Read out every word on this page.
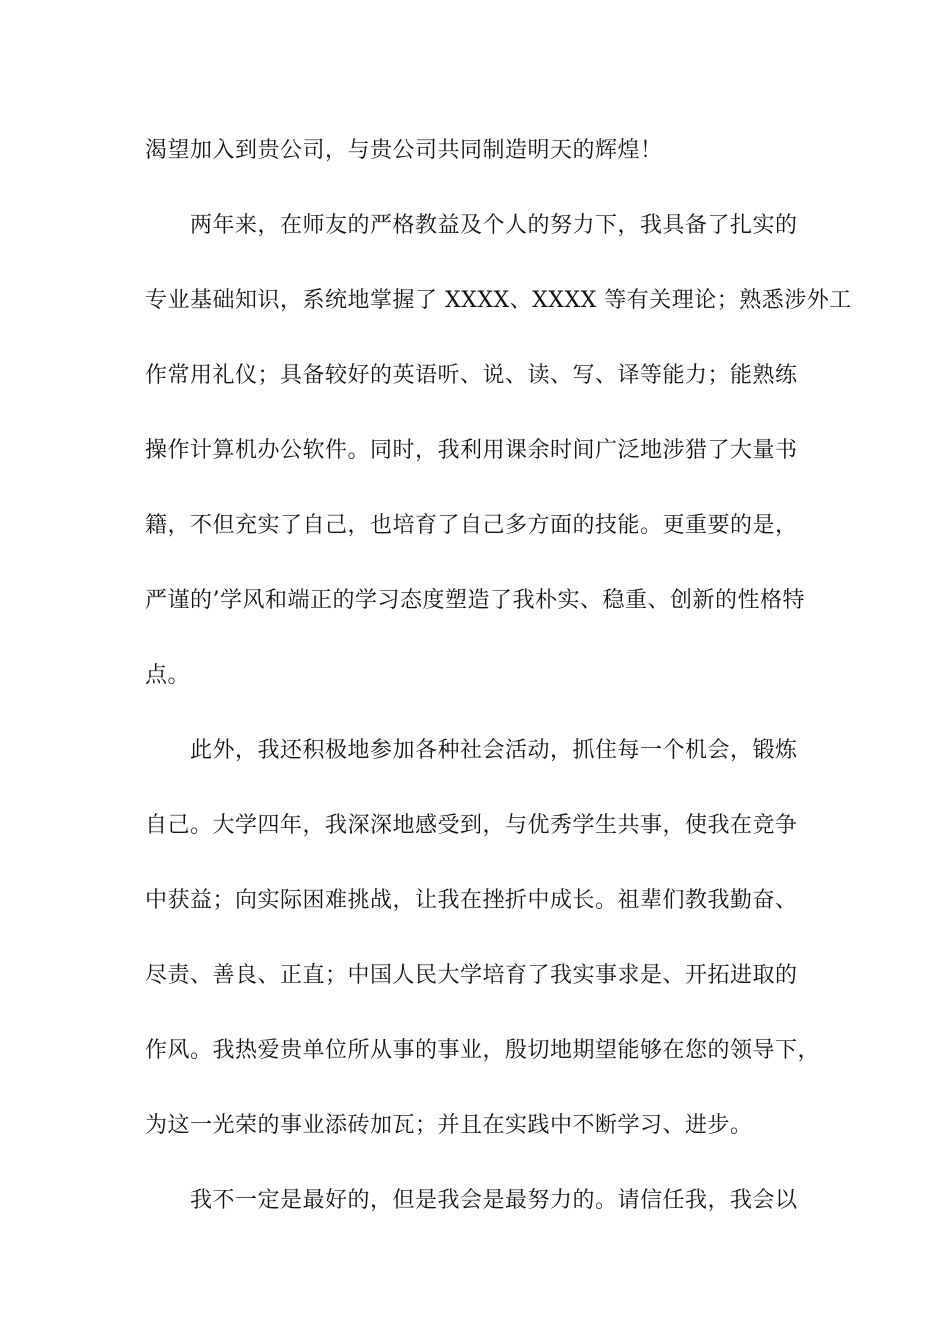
渴望加入到贵公司，与贵公司共同制造明天的辉煌！
两年来，在师友的严格教益及个人的努力下，我具备了扎实的
专业基础知识，系统地掌握了 XXXX、XXXX 等有关理论；熟悉涉外工
作常用礼仪；具备较好的英语听、说、读、写、译等能力；能熟练
操作计算机办公软件。同时，我利用课余时间广泛地涉猎了大量书
籍，不但充实了自己，也培育了自己多方面的技能。更重要的是，
严谨的’学风和端正的学习态度塑造了我朴实、稳重、创新的性格特
点。
此外，我还积极地参加各种社会活动，抓住每一个机会，锻炼
自己。大学四年，我深深地感受到，与优秀学生共事，使我在竞争
中获益；向实际困难挑战，让我在挫折中成长。祖辈们教我勤奋、
尽责、善良、正直；中国人民大学培育了我实事求是、开拓进取的
作风。我热爱贵单位所从事的事业，殷切地期望能够在您的领导下，
为这一光荣的事业添砖加瓦；并且在实践中不断学习、进步。
我不一定是最好的，但是我会是最努力的。请信任我，我会以
